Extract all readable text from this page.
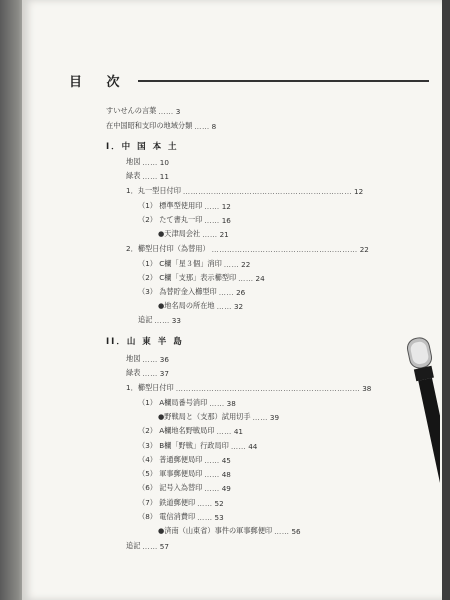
目 次
すいせんの言葉 …… 3
在中国昭和支印の地域分類 …… 8
I．中 国 本 土
地図 …… 10
緑表 …… 11
1．丸一型日付印 ………………………………………………………… 12
（1） 標準型使用印 …… 12
（2） たて書丸一印 …… 16
●天津局会社 …… 21
2．櫛型日付印（為替用） ………………………………………………… 22
（1） C欄「星３個」消印 …… 22
（2） C欄「支那」表示櫛型印 …… 24
（3） 為替貯金入櫛型印 …… 26
●地名局の所在地 …… 32
追記 …… 33
II．山 東 半 島
地図 …… 36
緑表 …… 37
1．櫛型日付印 ……………………………………………………………… 38
（1） A欄局番号消印 …… 38
●野戦局と（支那）試用切手 …… 39
（2） A欄地名野戦局印 …… 41
（3） B欄「野戦」行政局印 …… 44
（4） 普通郵便局印 …… 45
（5） 軍事郵便局印 …… 48
（6） 記号入為替印 …… 49
（7） 鉄道郵便印 …… 52
（8） 電信消費印 …… 53
●済南（山東省）事件の軍事郵便印 …… 56
追記 …… 57
